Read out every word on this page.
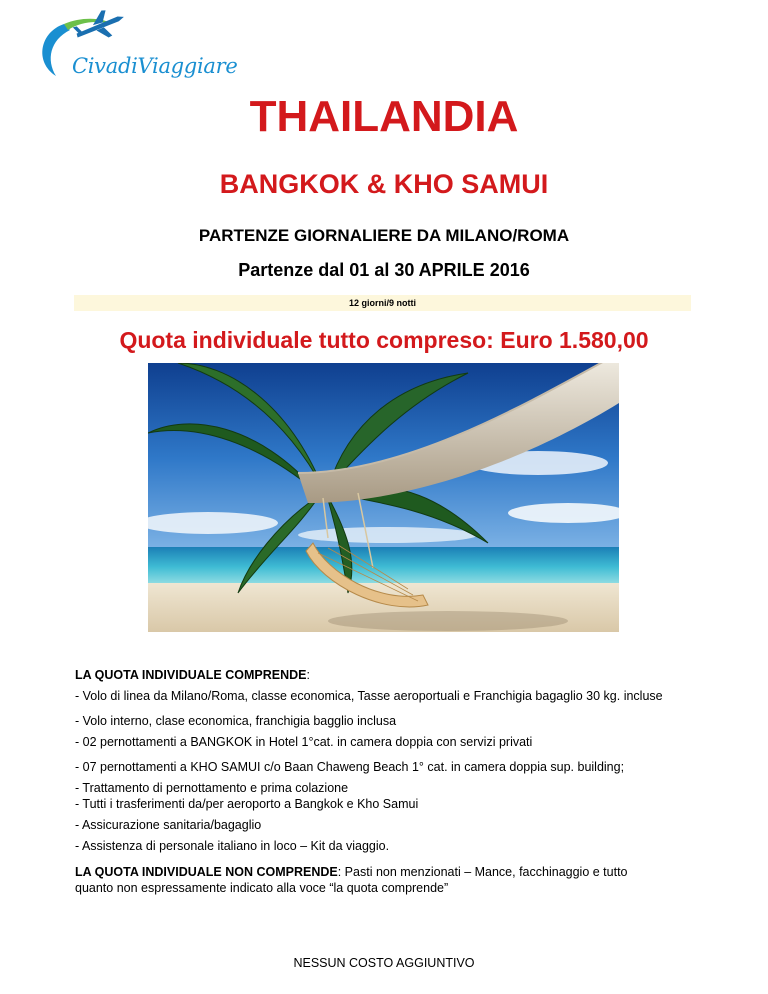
CivadiViaggiare
THAILANDIA
BANGKOK & KHO SAMUI
PARTENZE GIORNALIERE DA MILANO/ROMA
Partenze dal 01 al 30 APRILE 2016
12 giorni/9 notti
Quota individuale tutto compreso: Euro 1.580,00
LA QUOTA INDIVIDUALE COMPRENDE:
- Volo di linea da Milano/Roma, classe economica, Tasse aeroportuali e Franchigia bagaglio 30 kg. incluse
- Volo interno, clase economica, franchigia bagglio inclusa
- 02 pernottamenti a BANGKOK in Hotel 1°cat. in camera doppia con servizi privati
- 07 pernottamenti a KHO SAMUI c/o Baan Chaweng Beach 1° cat. in camera doppia sup. building;
- Trattamento di pernottamento e prima colazione
- Tutti i trasferimenti da/per aeroporto a Bangkok e Kho Samui
- Assicurazione sanitaria/bagaglio
- Assistenza di personale italiano in loco – Kit da viaggio.
LA QUOTA INDIVIDUALE NON COMPRENDE: Pasti non menzionati – Mance, facchinaggio e tutto
quanto non espressamente indicato alla voce “la quota comprende”
NESSUN COSTO AGGIUNTIVO
